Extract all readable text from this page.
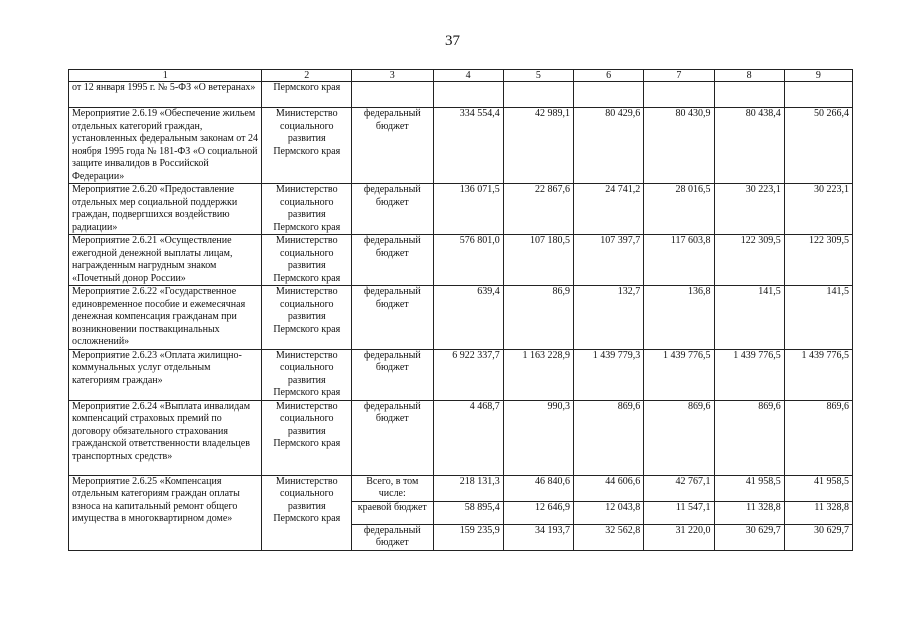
37
1	2	3	4	5	6	7	8	9
от 12 января 1995 г. № 5-ФЗ «О ветеранах»	Пермского края							
Мероприятие 2.6.19 «Обеспечение жильем отдельных категорий граждан, установленных федеральным законам от 24 ноября 1995 года № 181-ФЗ «О социальной защите инвалидов в Российской Федерации»	Министерство социального развития Пермского края	федеральный бюджет	334 554,4	42 989,1	80 429,6	80 430,9	80 438,4	50 266,4
Мероприятие 2.6.20 «Предоставление отдельных мер социальной поддержки граждан, подвергшихся воздействию радиации»	Министерство социального развития Пермского края	федеральный бюджет	136 071,5	22 867,6	24 741,2	28 016,5	30 223,1	30 223,1
Мероприятие 2.6.21 «Осуществление ежегодной денежной выплаты лицам, награжденным нагрудным знаком «Почетный донор России»	Министерство социального развития Пермского края	федеральный бюджет	576 801,0	107 180,5	107 397,7	117 603,8	122 309,5	122 309,5
Мероприятие 2.6.22 «Государственное единовременное пособие и ежемесячная денежная компенсация гражданам при возникновении поствакцинальных осложнений»	Министерство социального развития Пермского края	федеральный бюджет	639,4	86,9	132,7	136,8	141,5	141,5
Мероприятие 2.6.23 «Оплата жилищно-коммунальных услуг отдельным категориям граждан»	Министерство социального развития Пермского края	федеральный бюджет	6 922 337,7	1 163 228,9	1 439 779,3	1 439 776,5	1 439 776,5	1 439 776,5
Мероприятие 2.6.24 «Выплата инвалидам компенсаций страховых премий по договору обязательного страхования гражданской ответственности владельцев транспортных средств»	Министерство социального развития Пермского края	федеральный бюджет	4 468,7	990,3	869,6	869,6	869,6	869,6
Мероприятие 2.6.25 «Компенсация отдельным категориям граждан оплаты взноса на капитальный ремонт общего имущества в многоквартирном доме»	Министерство социального развития Пермского края	Всего, в том числе:	218 131,3	46 840,6	44 606,6	42 767,1	41 958,5	41 958,5
		краевой бюджет	58 895,4	12 646,9	12 043,8	11 547,1	11 328,8	11 328,8
		федеральный бюджет	159 235,9	34 193,7	32 562,8	31 220,0	30 629,7	30 629,7
